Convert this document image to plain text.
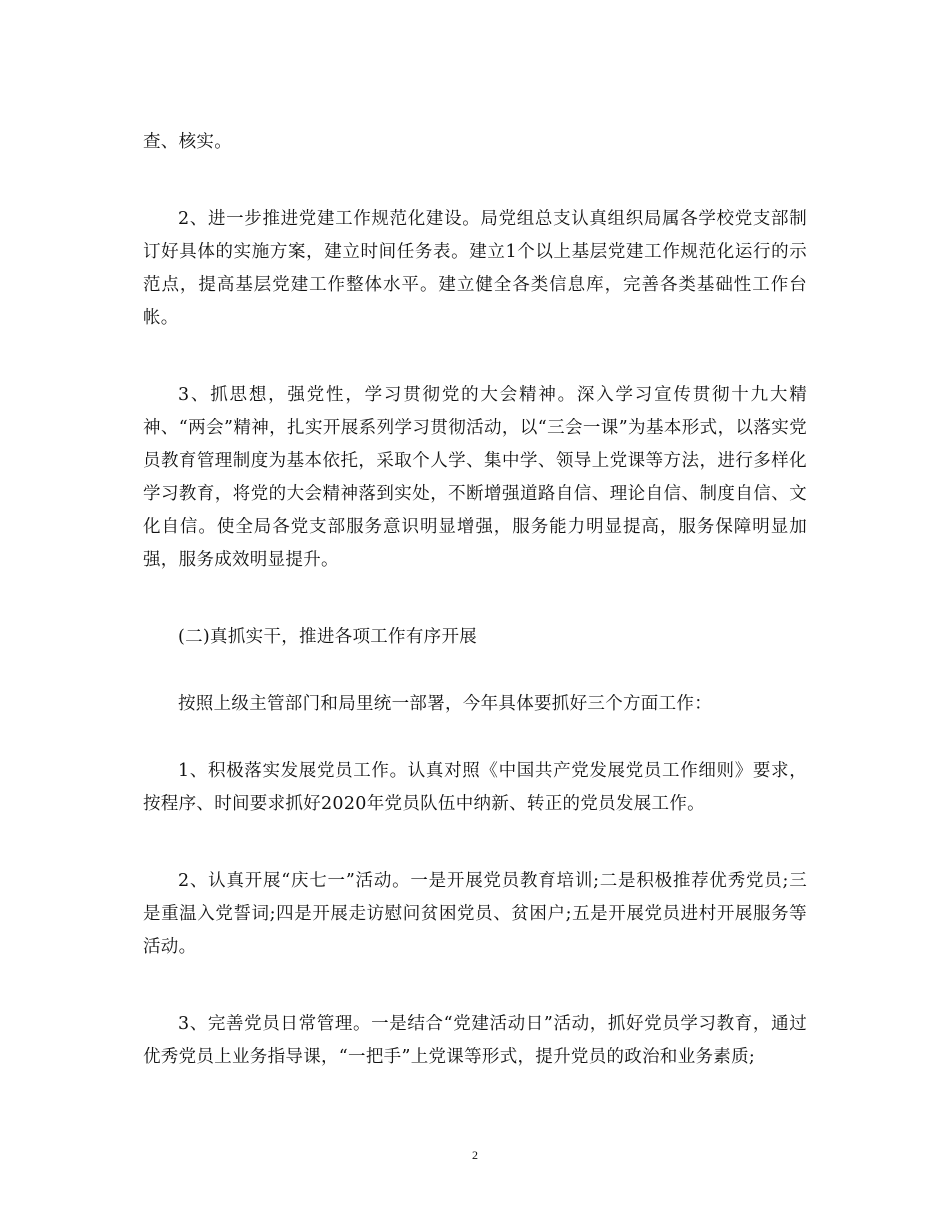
查、核实。

2、进一步推进党建工作规范化建设。局党组总支认真组织局属各学校党支部制订好具体的实施方案，建立时间任务表。建立1个以上基层党建工作规范化运行的示范点，提高基层党建工作整体水平。建立健全各类信息库，完善各类基础性工作台帐。

3、抓思想，强党性，学习贯彻党的大会精神。深入学习宣传贯彻十九大精神、“两会”精神，扎实开展系列学习贯彻活动，以“三会一课”为基本形式，以落实党员教育管理制度为基本依托，采取个人学、集中学、领导上党课等方法，进行多样化学习教育，将党的大会精神落到实处，不断增强道路自信、理论自信、制度自信、文化自信。使全局各党支部服务意识明显增强，服务能力明显提高，服务保障明显加强，服务成效明显提升。

(二)真抓实干，推进各项工作有序开展

按照上级主管部门和局里统一部署，今年具体要抓好三个方面工作：

1、积极落实发展党员工作。认真对照《中国共产党发展党员工作细则》要求，按程序、时间要求抓好2020年党员队伍中纳新、转正的党员发展工作。

2、认真开展“庆七一”活动。一是开展党员教育培训;二是积极推荐优秀党员;三是重温入党誓词;四是开展走访慰问贫困党员、贫困户;五是开展党员进村开展服务等活动。

3、完善党员日常管理。一是结合“党建活动日”活动，抓好党员学习教育，通过优秀党员上业务指导课，“一把手”上党课等形式，提升党员的政治和业务素质;

2
